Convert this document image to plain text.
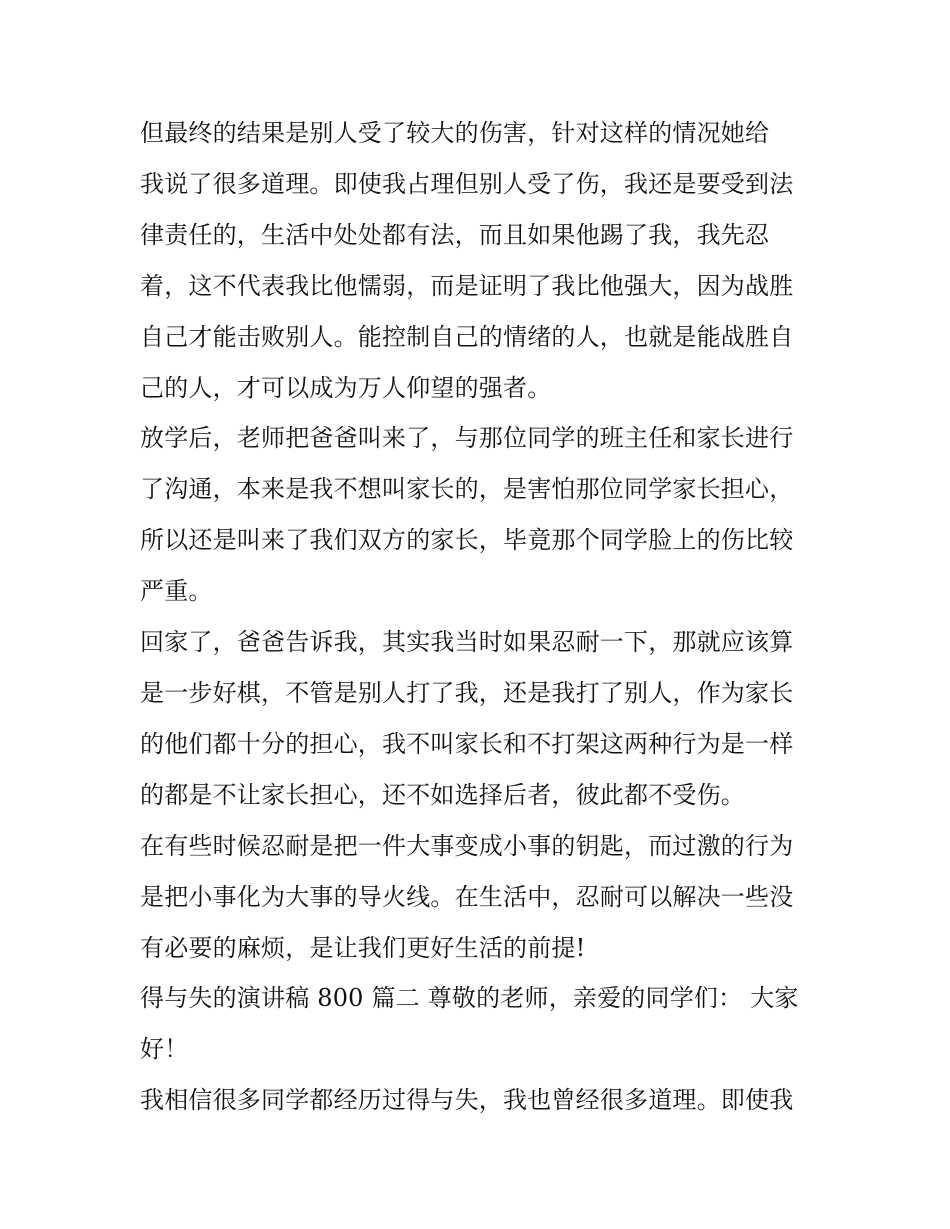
但最终的结果是别人受了较大的伤害，针对这样的情况她给
我说了很多道理。即使我占理但别人受了伤，我还是要受到法
律责任的，生活中处处都有法，而且如果他踢了我，我先忍
着，这不代表我比他懦弱，而是证明了我比他强大，因为战胜
自己才能击败别人。能控制自己的情绪的人，也就是能战胜自
己的人，才可以成为万人仰望的强者。

放学后，老师把爸爸叫来了，与那位同学的班主任和家长进行
了沟通，本来是我不想叫家长的，是害怕那位同学家长担心，
所以还是叫来了我们双方的家长，毕竟那个同学脸上的伤比较
严重。

回家了，爸爸告诉我，其实我当时如果忍耐一下，那就应该算
是一步好棋，不管是别人打了我，还是我打了别人，作为家长
的他们都十分的担心，我不叫家长和不打架这两种行为是一样
的都是不让家长担心，还不如选择后者，彼此都不受伤。

在有些时候忍耐是把一件大事变成小事的钥匙，而过激的行为
是把小事化为大事的导火线。在生活中，忍耐可以解决一些没
有必要的麻烦，是让我们更好生活的前提!

得与失的演讲稿 800 篇二 尊敬的老师，亲爱的同学们： 大家
好！

我相信很多同学都经历过得与失，我也曾经很多道理。即使我
